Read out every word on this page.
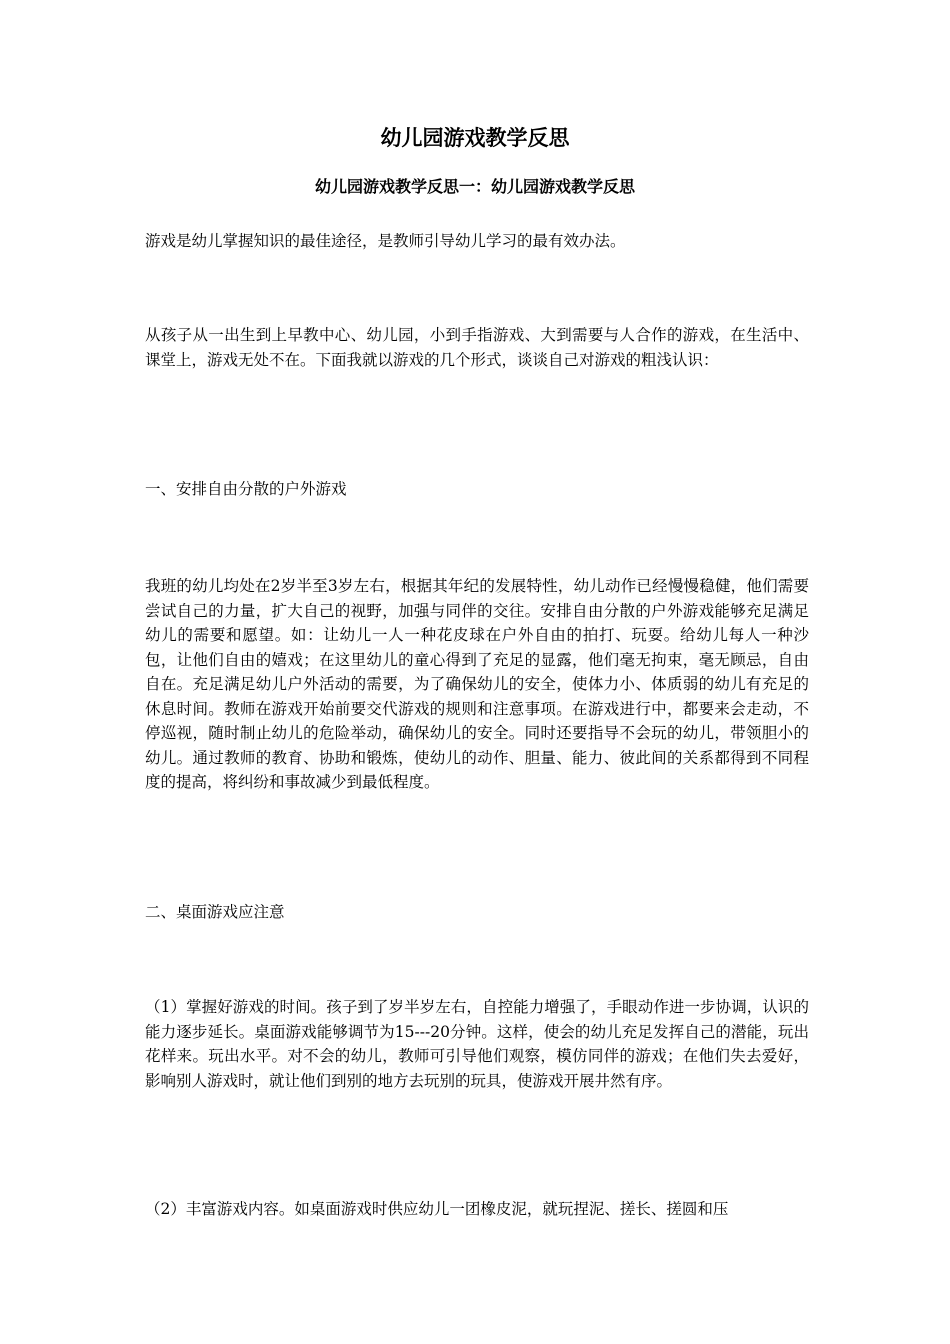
幼儿园游戏教学反思
幼儿园游戏教学反思一：幼儿园游戏教学反思

游戏是幼儿掌握知识的最佳途径，是教师引导幼儿学习的最有效办法。

从孩子从一出生到上早教中心、幼儿园，小到手指游戏、大到需要与人合作的游戏，在生活中、课堂上，游戏无处不在。下面我就以游戏的几个形式，谈谈自己对游戏的粗浅认识：

一、安排自由分散的户外游戏

我班的幼儿均处在2岁半至3岁左右，根据其年纪的发展特性，幼儿动作已经慢慢稳健，他们需要尝试自己的力量，扩大自己的视野，加强与同伴的交往。安排自由分散的户外游戏能够充足满足幼儿的需要和愿望。如：让幼儿一人一种花皮球在户外自由的拍打、玩耍。给幼儿每人一种沙包，让他们自由的嬉戏；在这里幼儿的童心得到了充足的显露，他们毫无拘束，毫无顾忌，自由自在。充足满足幼儿户外活动的需要，为了确保幼儿的安全，使体力小、体质弱的幼儿有充足的休息时间。教师在游戏开始前要交代游戏的规则和注意事项。在游戏进行中，都要来会走动，不停巡视，随时制止幼儿的危险举动，确保幼儿的安全。同时还要指导不会玩的幼儿，带领胆小的幼儿。通过教师的教育、协助和锻炼，使幼儿的动作、胆量、能力、彼此间的关系都得到不同程度的提高，将纠纷和事故减少到最低程度。

二、桌面游戏应注意

（1）掌握好游戏的时间。孩子到了岁半岁左右，自控能力增强了，手眼动作进一步协调，认识的能力逐步延长。桌面游戏能够调节为15---20分钟。这样，使会的幼儿充足发挥自己的潜能，玩出花样来。玩出水平。对不会的幼儿，教师可引导他们观察，模仿同伴的游戏；在他们失去爱好，影响别人游戏时，就让他们到别的地方去玩别的玩具，使游戏开展井然有序。

（2）丰富游戏内容。如桌面游戏时供应幼儿一团橡皮泥，就玩捏泥、搓长、搓圆和压
